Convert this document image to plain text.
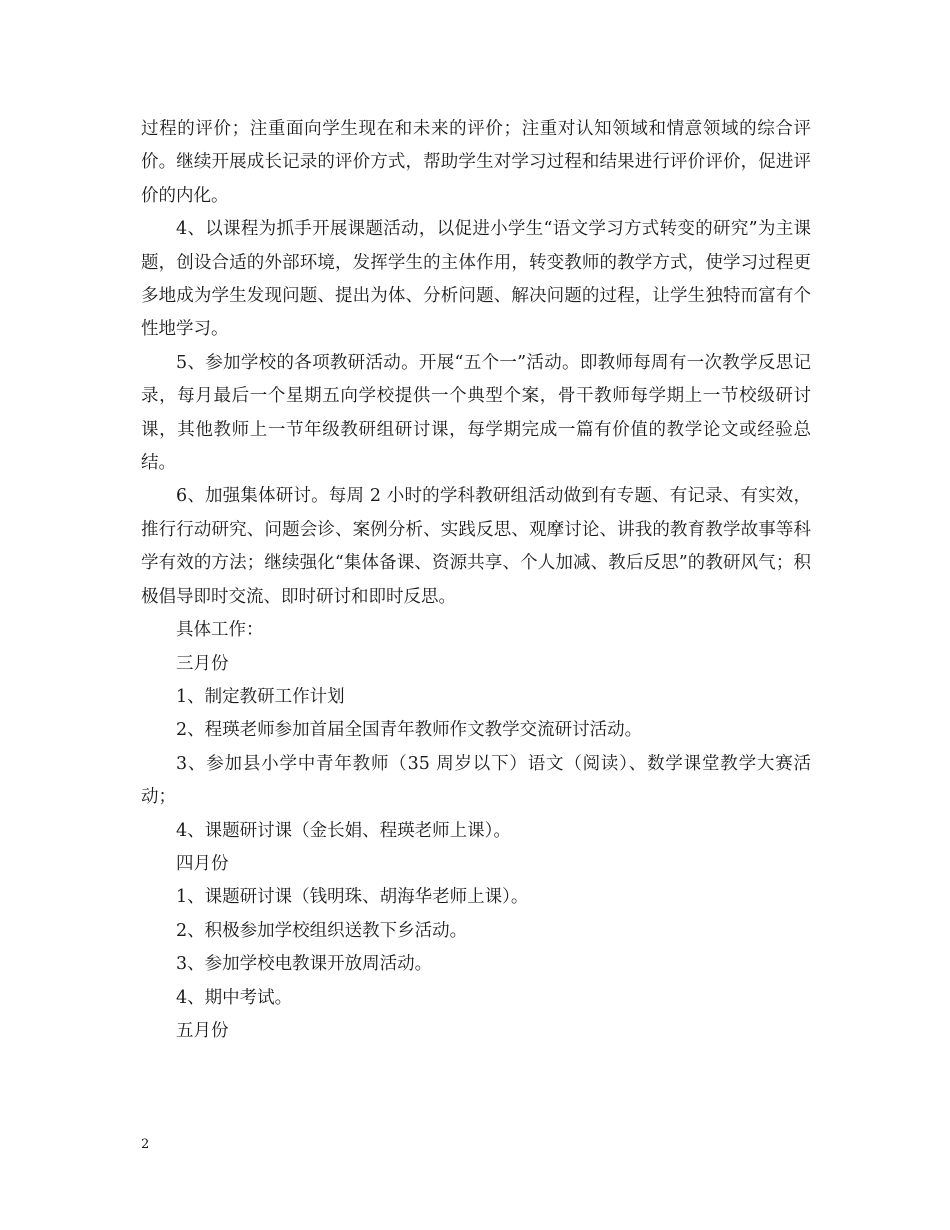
过程的评价；注重面向学生现在和未来的评价；注重对认知领域和情意领域的综合评价。继续开展成长记录的评价方式，帮助学生对学习过程和结果进行评价评价，促进评价的内化。

4、以课程为抓手开展课题活动，以促进小学生“语文学习方式转变的研究”为主课题，创设合适的外部环境，发挥学生的主体作用，转变教师的教学方式，使学习过程更多地成为学生发现问题、提出为体、分析问题、解决问题的过程，让学生独特而富有个性地学习。

5、参加学校的各项教研活动。开展“五个一”活动。即教师每周有一次教学反思记录，每月最后一个星期五向学校提供一个典型个案，骨干教师每学期上一节校级研讨课，其他教师上一节年级教研组研讨课，每学期完成一篇有价值的教学论文或经验总结。

6、加强集体研讨。每周 2 小时的学科教研组活动做到有专题、有记录、有实效，推行行动研究、问题会诊、案例分析、实践反思、观摩讨论、讲我的教育教学故事等科学有效的方法；继续强化“集体备课、资源共享、个人加减、教后反思”的教研风气；积极倡导即时交流、即时研讨和即时反思。

具体工作：

三月份

1、制定教研工作计划

2、程瑛老师参加首届全国青年教师作文教学交流研讨活动。

3、参加县小学中青年教师（35 周岁以下）语文（阅读）、数学课堂教学大赛活动；

4、课题研讨课（金长娟、程瑛老师上课）。

四月份

1、课题研讨课（钱明珠、胡海华老师上课）。

2、积极参加学校组织送教下乡活动。

3、参加学校电教课开放周活动。

4、期中考试。

五月份

2
